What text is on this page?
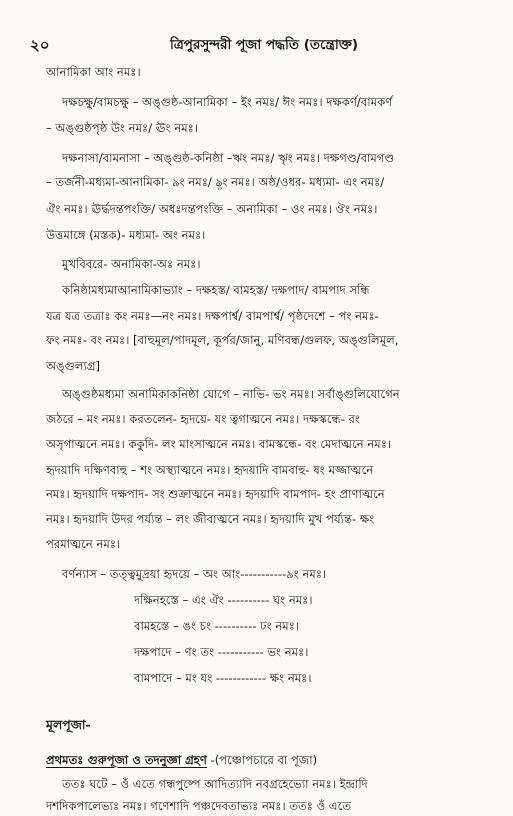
২০	ত্রিপুরসুন্দরী পূজা পদ্ধতি (তন্ত্রোক্ত)
আনামিকা আং নমঃ।
দক্ষচক্ষু/বামচক্ষু – অঙ্গুষ্ঠ-আনামিকা – ইং নমঃ/ ঈং নমঃ। দক্ষকর্ণ/বামকর্ণ
– অঙ্গুষ্ঠপৃষ্ঠ উং নমঃ/ ঊং নমঃ।
দক্ষনাসা/বামনাসা – অঙ্গুষ্ঠ-কনিষ্ঠা –ঋং নমঃ/ ৠং নমঃ। দক্ষগণ্ড/বামগণ্ড
– তর্জনী-মধ্যমা-আনামিকা- ৯ং নমঃ/ ৡং নমঃ। অষ্ঠ/ওধর- মধ্যমা- এং নমঃ/
ঐং নমঃ। ঊর্দ্ধদন্তপংক্তি/ অধঃদন্তপংক্তি – অনামিকা – ওং নমঃ। ঔং নমঃ।
উত্তমাঙ্গে (মস্তক)- মধ্যমা- অং নমঃ।
মুখবিবরে- অনামিকা-অঃ নমঃ।
কনিষ্ঠামধ্যমাআনামিকাভ্যাং – দক্ষহস্ত/ বামহস্ত/ দক্ষপাদ/ বামপাদ সন্ধি
যত্র যত্র তত্রাঃ কং নমঃ—নং নমঃ। দক্ষপার্শ্ব/ বামপার্শ্ব/ পৃষ্ঠদেশে – পং নমঃ-
ফং নমঃ- বং নমঃ। [বাহুমূল/পাদমূল, কূর্পর/জানু, মণিবন্ধ/গুলফ, অঙ্গুলিমূল,
অঙ্গুল্যগ্র]
অঙ্গুষ্ঠমধ্যমা অনামিকাকনিষ্ঠা যোগে – নাভি- ভং নমঃ। সর্বাঙ্গুলিযোগেন
জঠরে – মং নমঃ। করতলেন- হৃদয়ে- যং ত্বগাত্মনে নমঃ। দক্ষস্কন্ধে- রং
অসৃগাত্মনে নমঃ। ককুদি- লং মাংসাত্মনে নমঃ। বামস্কন্ধে- বং মেদাত্মনে নমঃ।
হৃদয়াদি দক্ষিণবাহু – শং অস্থ্যাত্মনে নমঃ। হৃদয়াদি বামবাহু- ষং মজ্জাত্মনে
নমঃ। হৃদয়াদি দক্ষপাদ- সং শুক্রাত্মনে নমঃ। হৃদয়াদি বামপাদ- হং প্রাণাত্মনে
নমঃ। হৃদয়াদি উদর পর্য্যন্ত – লং জীবাত্মনে নমঃ। হৃদয়াদি মুখ পর্য্যন্ত- ক্ষং
পরমাত্মনে নমঃ।
বর্ণন্যাস – তত্ত্বমুদ্রয়া হৃদয়ে – অং আং-----------৯ং নমঃ।
দক্ষিনহস্তে – এং ঐং ---------- ঘং নমঃ।
বামহস্তে – ঙং চং ---------- ঢং নমঃ।
দক্ষপাদে – ণং তং ----------- ভং নমঃ।
বামপাদে – মং যং ------------ ক্ষং নমঃ।
মূলপূজা-
প্রথমতঃ গুরুপূজা ও তদনুজ্ঞা গ্রহণ -(পঞ্চোপচারে বা পূজা)
ততঃ ঘটে – ওঁ এতে গন্ধপুষ্পে আদিত্যাদি নবগ্রহেভ্যো নমঃ। ইন্দ্রাদি
দশদিকপালেভ্যঃ নমঃ। গণেশাদি পঞ্চদেবতাভ্যঃ নমঃ। ততঃ ওঁ এতে
